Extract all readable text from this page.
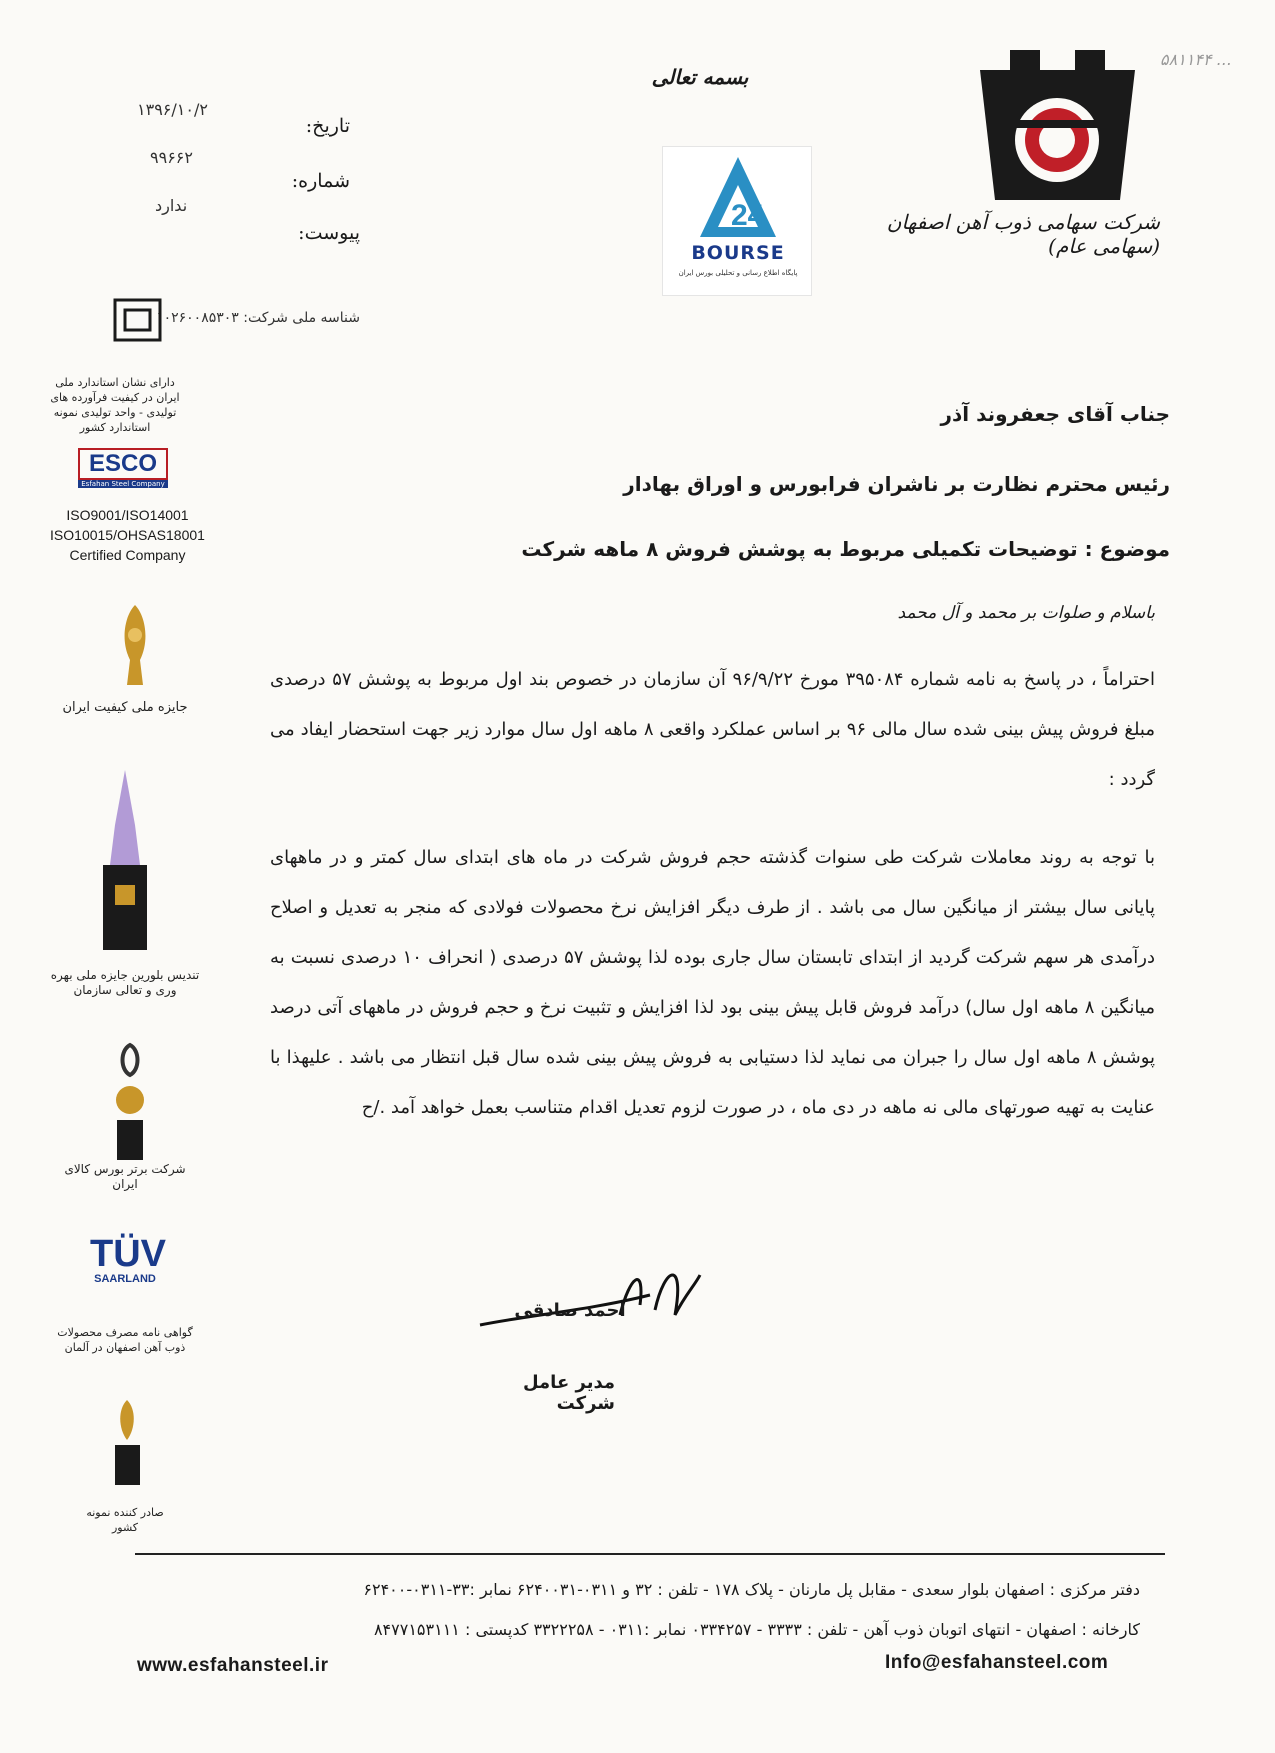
شرکت سهامی ذوب آهن اصفهان (سهامی عام)
۵۸۱۱۴۴ ...
بسمه تعالی
24
BOURSE
پایگاه اطلاع رسانی و تحلیلی بورس ایران
تاریخ:
۱۳۹۶/۱۰/۲
شماره:
۹۹۶۶۲
پیوست:
ندارد
شناسه ملی شرکت: ۱۰۲۶۰۰۸۵۳۰۳
دارای نشان استاندارد ملی ایران در کیفیت فرآورده های تولیدی - واحد تولیدی نمونه استاندارد کشور
ESCO
Esfahan Steel Company
ISO9001/ISO14001
ISO10015/OHSAS18001
Certified Company
جایزه ملی کیفیت ایران
تندیس بلورین جایزه ملی بهره وری و تعالی سازمان
شرکت برتر بورس کالای ایران
TÜV
SAARLAND
گواهی نامه مصرف محصولات ذوب آهن اصفهان در آلمان
صادر کننده نمونه کشور
جناب آقای جعفروند آذر
رئیس محترم نظارت بر ناشران فرابورس و اوراق بهادار
موضوع : توضیحات تکمیلی مربوط به پوشش فروش ۸ ماهه شرکت
باسلام و صلوات بر محمد و آل محمد
احتراماً ، در پاسخ به نامه شماره ۳۹۵۰۸۴ مورخ ۹۶/۹/۲۲ آن سازمان در خصوص بند اول مربوط به پوشش ۵۷ درصدی مبلغ فروش پیش بینی شده سال مالی ۹۶ بر اساس عملکرد واقعی ۸ ماهه اول سال موارد زیر جهت استحضار ایفاد می گردد :
با توجه به روند معاملات شرکت طی سنوات گذشته حجم فروش شرکت در ماه های ابتدای سال کمتر و در ماههای پایانی سال بیشتر از میانگین سال می باشد . از طرف دیگر افزایش نرخ محصولات فولادی که منجر به تعدیل و اصلاح درآمدی هر سهم شرکت گردید از ابتدای تابستان سال جاری بوده لذا پوشش ۵۷ درصدی ( انحراف ۱۰ درصدی نسبت به میانگین ۸ ماهه اول سال) درآمد فروش قابل پیش بینی بود لذا افزایش و تثبیت نرخ و حجم فروش در ماههای آتی درصد پوشش ۸ ماهه اول سال را جبران می نماید لذا دستیابی به فروش پیش بینی شده سال قبل انتظار می باشد . علیهذا با عنایت به تهیه صورتهای مالی نه ماهه در دی ماه ، در صورت لزوم تعدیل اقدام متناسب بعمل خواهد آمد ./ح
احمد صادقی
مدیر عامل شرکت
دفتر مرکزی : اصفهان بلوار سعدی - مقابل پل مارنان - پلاک ۱۷۸ - تلفن : ۳۲ و ۰۳۱۱-۶۲۴۰۰۳۱ نمابر :۳۳-۰۳۱۱-۶۲۴۰۰
کارخانه : اصفهان - انتهای اتوبان ذوب آهن - تلفن : ۳۳۳۳ - ۰۳۳۴۲۵۷ نمابر :۰۳۱۱ - ۳۳۲۲۲۵۸ کدپستی : ۸۴۷۷۱۵۳۱۱۱
www.esfahansteel.ir	Info@esfahansteel.com
